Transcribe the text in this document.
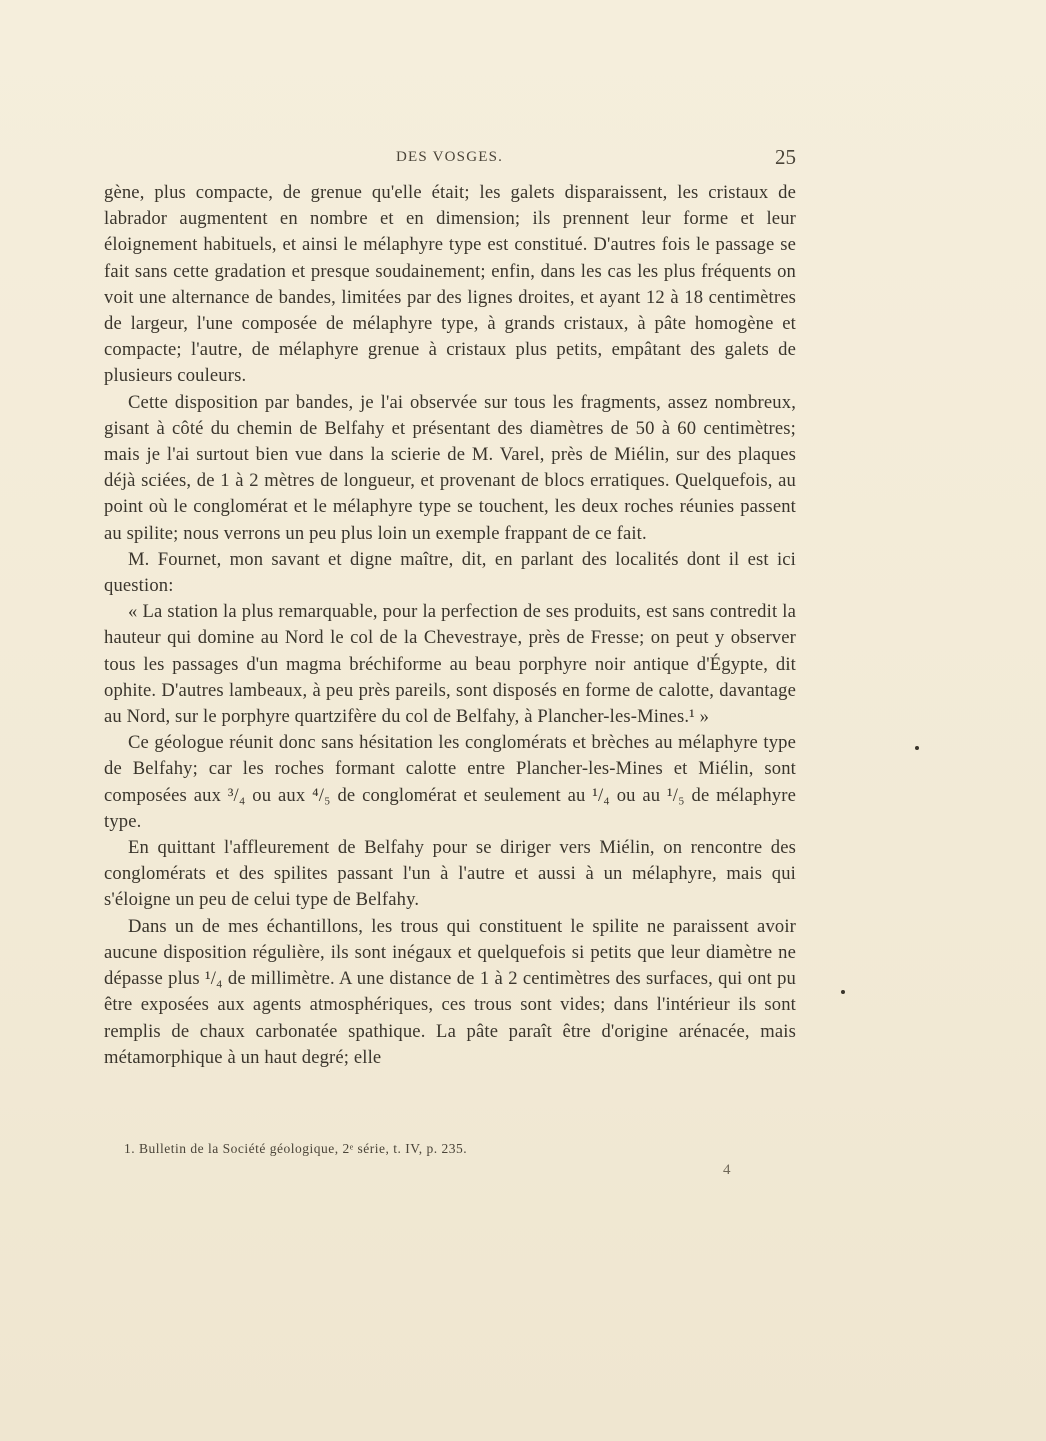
DES VOSGES.	25

gène, plus compacte, de grenue qu'elle était; les galets disparaissent, les cristaux de labrador augmentent en nombre et en dimension; ils prennent leur forme et leur éloignement habituels, et ainsi le mélaphyre type est constitué. D'autres fois le passage se fait sans cette gradation et presque soudainement; enfin, dans les cas les plus fréquents on voit une alternance de bandes, limitées par des lignes droites, et ayant 12 à 18 centimètres de largeur, l'une composée de mélaphyre type, à grands cristaux, à pâte homogène et compacte; l'autre, de mélaphyre grenue à cristaux plus petits, empâtant des galets de plusieurs couleurs.

Cette disposition par bandes, je l'ai observée sur tous les fragments, assez nombreux, gisant à côté du chemin de Belfahy et présentant des diamètres de 50 à 60 centimètres; mais je l'ai surtout bien vue dans la scierie de M. Varel, près de Miélin, sur des plaques déjà sciées, de 1 à 2 mètres de longueur, et provenant de blocs erratiques. Quelquefois, au point où le conglomérat et le mélaphyre type se touchent, les deux roches réunies passent au spilite; nous verrons un peu plus loin un exemple frappant de ce fait.

M. Fournet, mon savant et digne maître, dit, en parlant des localités dont il est ici question:

« La station la plus remarquable, pour la perfection de ses produits, est sans contredit la hauteur qui domine au Nord le col de la Chevestraye, près de Fresse; on peut y observer tous les passages d'un magma bréchiforme au beau porphyre noir antique d'Égypte, dit ophite. D'autres lambeaux, à peu près pareils, sont disposés en forme de calotte, davantage au Nord, sur le porphyre quartzifère du col de Belfahy, à Plancher-les-Mines.¹ »

Ce géologue réunit donc sans hésitation les conglomérats et brèches au mélaphyre type de Belfahy; car les roches formant calotte entre Plancher-les-Mines et Miélin, sont composées aux ³/₄ ou aux ⁴/₅ de conglomérat et seulement au ¹/₄ ou au ¹/₅ de mélaphyre type.

En quittant l'affleurement de Belfahy pour se diriger vers Miélin, on rencontre des conglomérats et des spilites passant l'un à l'autre et aussi à un mélaphyre, mais qui s'éloigne un peu de celui type de Belfahy.

Dans un de mes échantillons, les trous qui constituent le spilite ne paraissent avoir aucune disposition régulière, ils sont inégaux et quelquefois si petits que leur diamètre ne dépasse plus ¹/₄ de millimètre. A une distance de 1 à 2 centimètres des surfaces, qui ont pu être exposées aux agents atmosphériques, ces trous sont vides; dans l'intérieur ils sont remplis de chaux carbonatée spathique. La pâte paraît être d'origine arénacée, mais métamorphique à un haut degré; elle

1. Bulletin de la Société géologique, 2ᵉ série, t. IV, p. 235.
4
